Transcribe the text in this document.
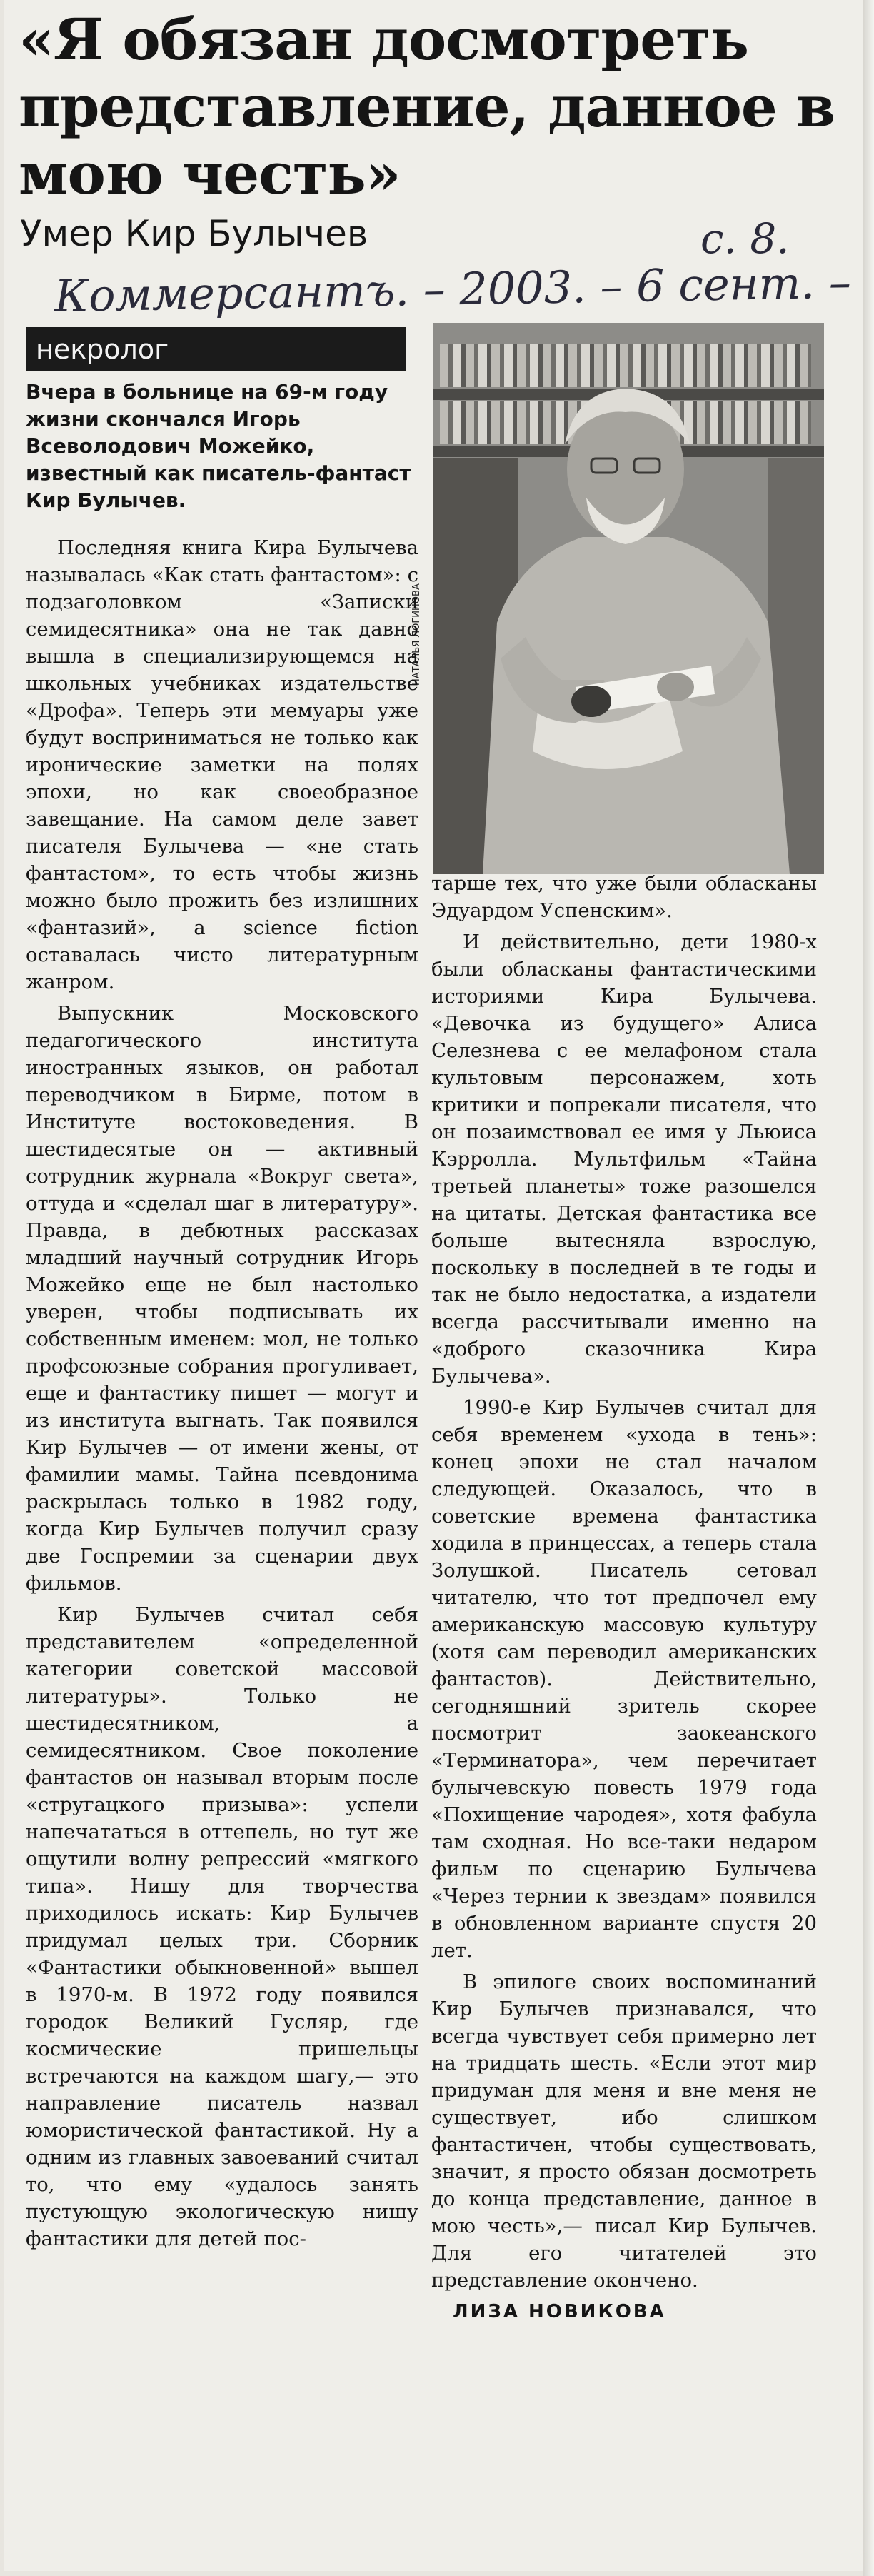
«Я обязан досмотреть представление, данное в мою честь»
Умер Кир Булычев	с. 8.
Коммерсантъ. – 2003. – 6 сент. –
некролог
Вчера в больнице на 69-м году жизни скончался Игорь Всеволодович Можейко, известный как писатель-фантаст Кир Булычев.
НАТАЛЬЯ ЛОГИНОВА

Последняя книга Кира Булычева называлась «Как стать фантастом»: с подзаголовком «Записки семидесятника» она не так давно вышла в специализирующемся на школьных учебниках издательстве «Дрофа». Теперь эти мемуары уже будут восприниматься не только как иронические заметки на полях эпохи, но как своеобразное завещание. На самом деле завет писателя Булычева — «не стать фантастом», то есть чтобы жизнь можно было прожить без излишних «фантазий», а science fiction оставалась чисто литературным жанром.

Выпускник Московского педагогического института иностранных языков, он работал переводчиком в Бирме, потом в Институте востоковедения. В шестидесятые он — активный сотрудник журнала «Вокруг света», оттуда и «сделал шаг в литературу». Правда, в дебютных рассказах младший научный сотрудник Игорь Можейко еще не был настолько уверен, чтобы подписывать их собственным именем: мол, не только профсоюзные собрания прогуливает, еще и фантастику пишет — могут и из института выгнать. Так появился Кир Булычев — от имени жены, от фамилии мамы. Тайна псевдонима раскрылась только в 1982 году, когда Кир Булычев получил сразу две Госпремии за сценарии двух фильмов.

Кир Булычев считал себя представителем «определенной категории советской массовой литературы». Только не шестидесятником, а семидесятником. Свое поколение фантастов он называл вторым после «стругацкого призыва»: успели напечататься в оттепель, но тут же ощутили волну репрессий «мягкого типа». Нишу для творчества приходилось искать: Кир Булычев придумал целых три. Сборник «Фантастики обыкновенной» вышел в 1970-м. В 1972 году появился городок Великий Гусляр, где космические пришельцы встречаются на каждом шагу,— это направление писатель назвал юмористической фантастикой. Ну а одним из главных завоеваний считал то, что ему «удалось занять пустующую экологическую нишу фантастики для детей пос-

тарше тех, что уже были обласканы Эдуардом Успенским».

И действительно, дети 1980-х были обласканы фантастическими историями Кира Булычева. «Девочка из будущего» Алиса Селезнева с ее мелафоном стала культовым персонажем, хоть критики и попрекали писателя, что он позаимствовал ее имя у Льюиса Кэрролла. Мультфильм «Тайна третьей планеты» тоже разошелся на цитаты. Детская фантастика все больше вытесняла взрослую, поскольку в последней в те годы и так не было недостатка, а издатели всегда рассчитывали именно на «доброго сказочника Кира Булычева».

1990-е Кир Булычев считал для себя временем «ухода в тень»: конец эпохи не стал началом следующей. Оказалось, что в советские времена фантастика ходила в принцессах, а теперь стала Золушкой. Писатель сетовал читателю, что тот предпочел ему американскую массовую культуру (хотя сам переводил американских фантастов). Действительно, сегодняшний зритель скорее посмотрит заокеанского «Терминатора», чем перечитает булычевскую повесть 1979 года «Похищение чародея», хотя фабула там сходная. Но все-таки недаром фильм по сценарию Булычева «Через тернии к звездам» появился в обновленном варианте спустя 20 лет.

В эпилоге своих воспоминаний Кир Булычев признавался, что всегда чувствует себя примерно лет на тридцать шесть. «Если этот мир придуман для меня и вне меня не существует, ибо слишком фантастичен, чтобы существовать, значит, я просто обязан досмотреть до конца представление, данное в мою честь»,— писал Кир Булычев. Для его читателей это представление окончено.

ЛИЗА НОВИКОВА
